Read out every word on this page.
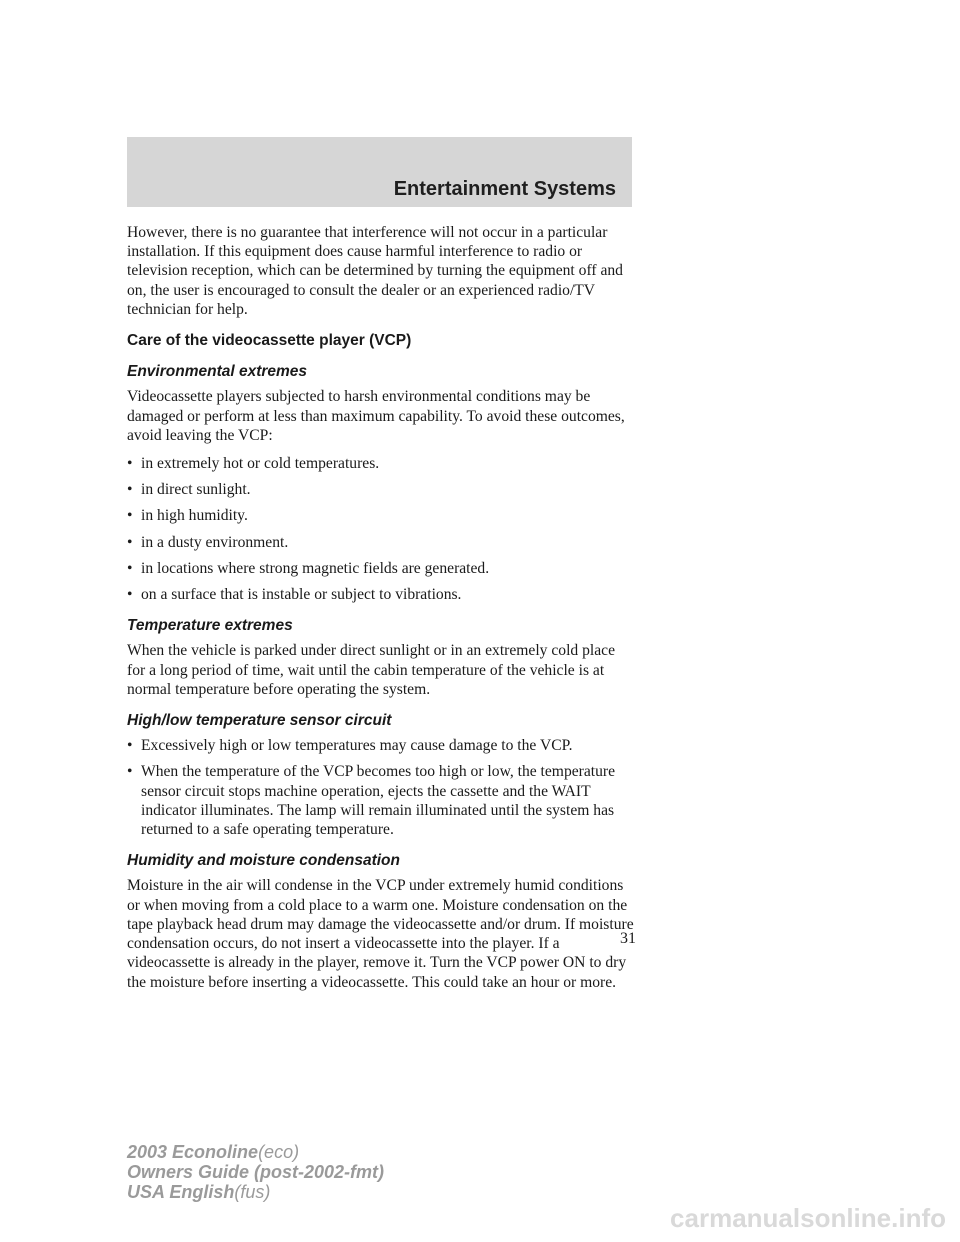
Entertainment Systems

However, there is no guarantee that interference will not occur in a particular installation. If this equipment does cause harmful interference to radio or television reception, which can be determined by turning the equipment off and on, the user is encouraged to consult the dealer or an experienced radio/TV technician for help.

Care of the videocassette player (VCP)
Environmental extremes

Videocassette players subjected to harsh environmental conditions may be damaged or perform at less than maximum capability. To avoid these outcomes, avoid leaving the VCP:

• in extremely hot or cold temperatures.
• in direct sunlight.
• in high humidity.
• in a dusty environment.
• in locations where strong magnetic fields are generated.
• on a surface that is instable or subject to vibrations.
Temperature extremes

When the vehicle is parked under direct sunlight or in an extremely cold place for a long period of time, wait until the cabin temperature of the vehicle is at normal temperature before operating the system.

High/low temperature sensor circuit
• Excessively high or low temperatures may cause damage to the VCP.
• When the temperature of the VCP becomes too high or low, the temperature sensor circuit stops machine operation, ejects the cassette and the WAIT indicator illuminates. The lamp will remain illuminated until the system has returned to a safe operating temperature.
Humidity and moisture condensation

Moisture in the air will condense in the VCP under extremely humid conditions or when moving from a cold place to a warm one. Moisture condensation on the tape playback head drum may damage the videocassette and/or drum. If moisture condensation occurs, do not insert a videocassette into the player. If a videocassette is already in the player, remove it. Turn the VCP power ON to dry the moisture before inserting a videocassette. This could take an hour or more.

31
2003 Econoline(eco)
Owners Guide (post-2002-fmt)
USA English(fus)
carmanualsonline.info
